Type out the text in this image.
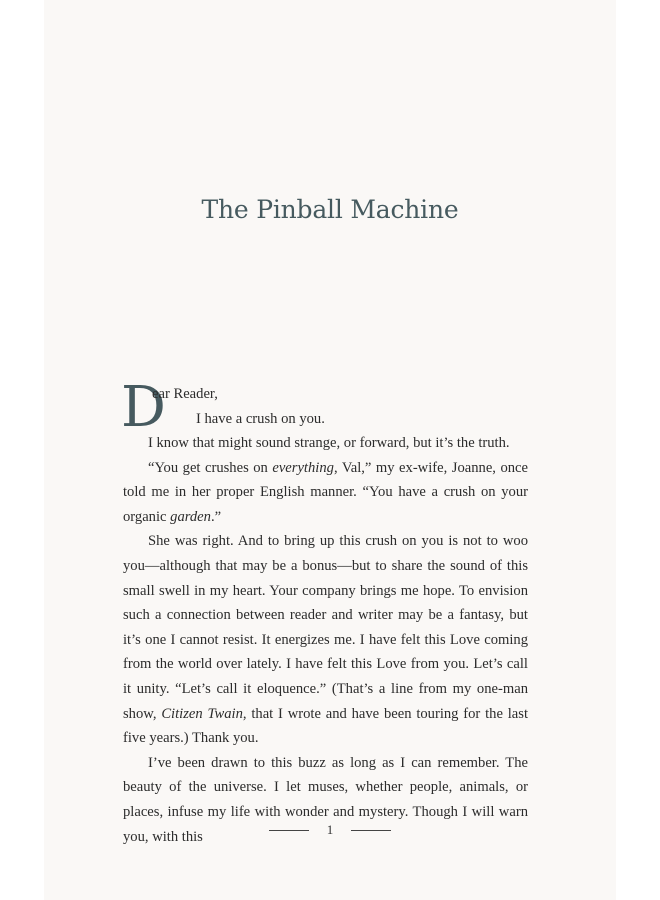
The Pinball Machine
D
ear Reader,
I have a crush on you.

I know that might sound strange, or forward, but it’s the truth.

“You get crushes on everything, Val,” my ex-wife, Joanne, once told me in her proper English manner. “You have a crush on your organic garden.”

She was right. And to bring up this crush on you is not to woo you—although that may be a bonus—but to share the sound of this small swell in my heart. Your company brings me hope. To envision such a connection between reader and writer may be a fantasy, but it’s one I cannot resist. It energizes me. I have felt this Love coming from the world over lately. I have felt this Love from you. Let’s call it unity. “Let’s call it eloquence.” (That’s a line from my one-man show, Citizen Twain, that I wrote and have been touring for the last five years.) Thank you.

I’ve been drawn to this buzz as long as I can remember. The beauty of the universe. I let muses, whether people, animals, or places, infuse my life with wonder and mystery. Though I will warn you, with this	1
